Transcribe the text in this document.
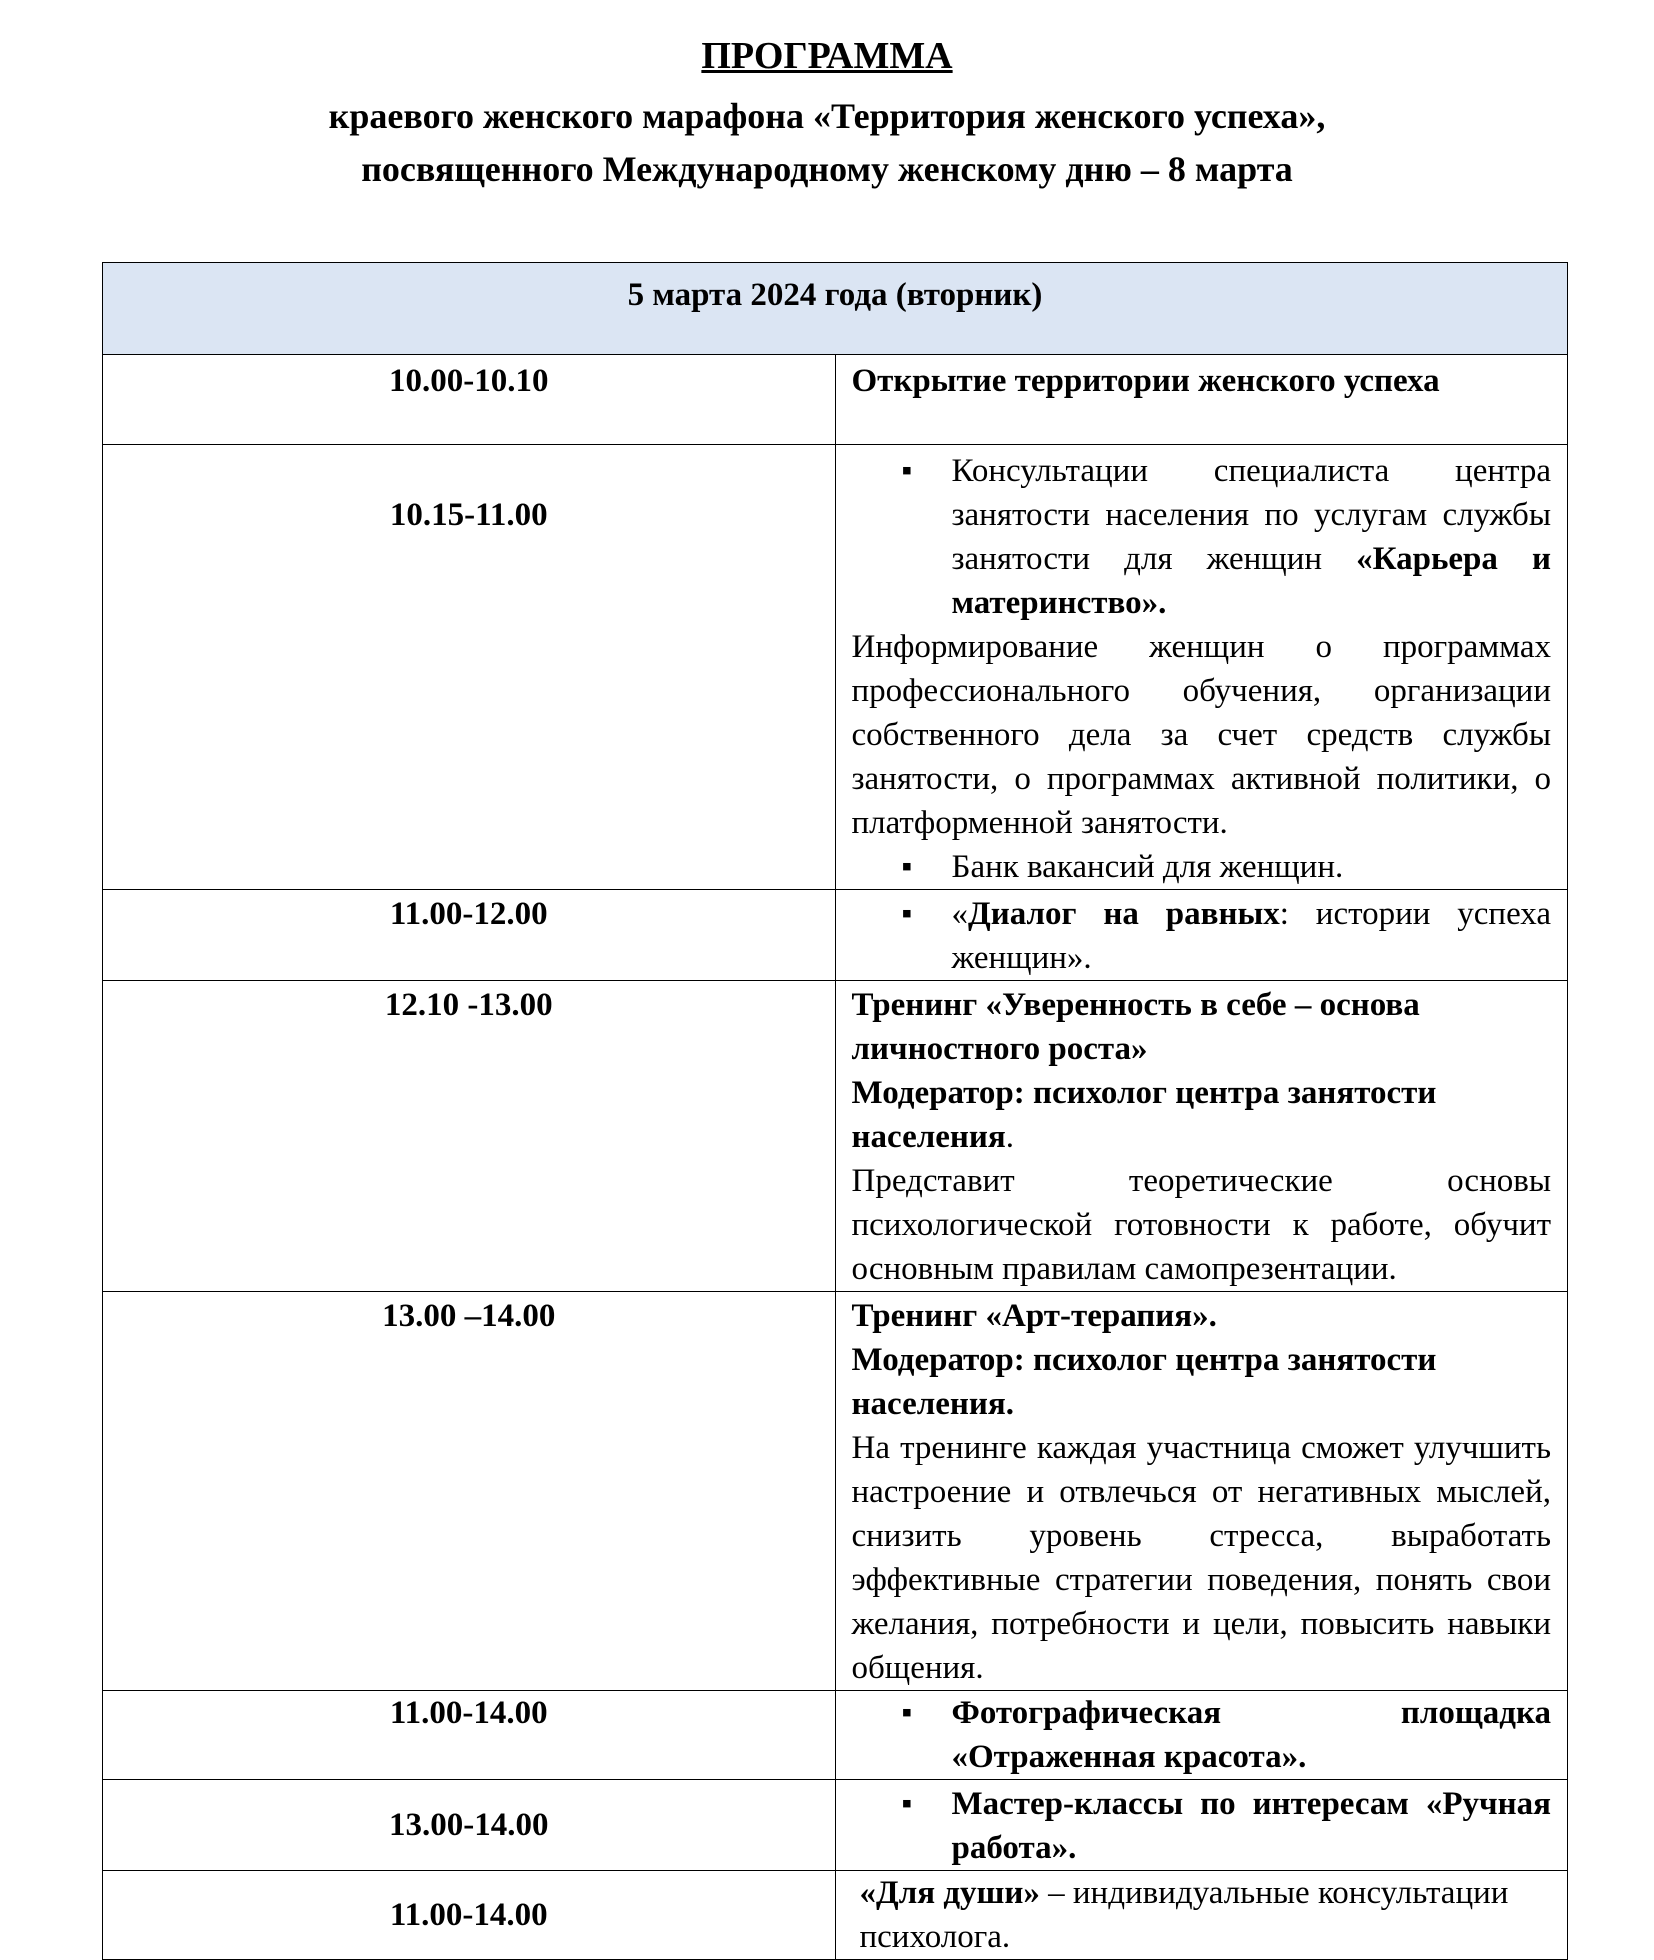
ПРОГРАММА
краевого женского марафона «Территория женского успеха»,
посвященного Международному женскому дню – 8 марта
5 марта 2024 года (вторник)	
10.00-10.10	Открытие территории женского успеха
10.15-11.00	▪ Консультации специалиста центра занятости населения по услугам службы занятости для женщин «Карьера и материнство».
Информирование женщин о программах профессионального обучения, организации собственного дела за счет средств службы занятости, о программах активной политики, о платформенной занятости.
▪ Банк вакансий для женщин.

11.00-12.00	▪ «Диалог на равных: истории успеха женщин».

12.10 -13.00	Тренинг «Уверенность в себе – основа личностного роста»
Модератор: психолог центра занятости населения.
Представит теоретические основы психологической готовности к работе, обучит основным правилам самопрезентации.

13.00 –14.00	Тренинг «Арт-терапия».
Модератор: психолог центра занятости населения.
На тренинге каждая участница сможет улучшить настроение и отвлечься от негативных мыслей, снизить уровень стресса, выработать эффективные стратегии поведения, понять свои желания, потребности и цели, повысить навыки общения.

11.00-14.00	▪ Фотографическая площадка «Отраженная красота».

13.00-14.00	▪ Мастер-классы по интересам «Ручная работа».

11.00-14.00	«Для души» – индивидуальные консультации психолога.
